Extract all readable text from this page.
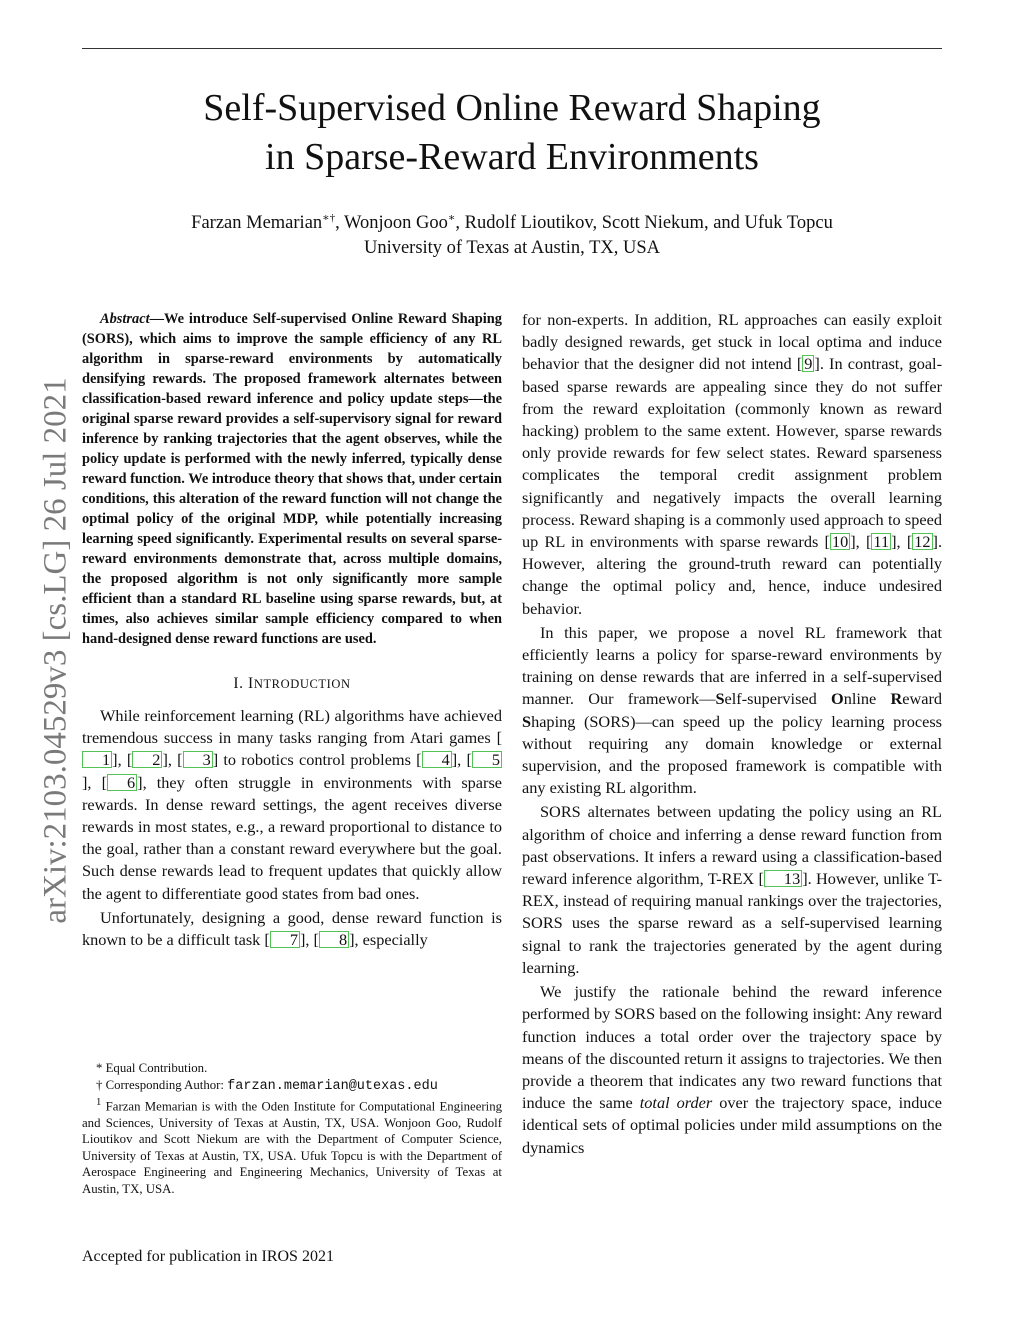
Self-Supervised Online Reward Shaping
in Sparse-Reward Environments
Farzan Memarian∗†, Wonjoon Goo∗, Rudolf Lioutikov, Scott Niekum, and Ufuk Topcu
University of Texas at Austin, TX, USA
arXiv:2103.04529v3 [cs.LG] 26 Jul 2021

Abstract—We introduce Self-supervised Online Reward Shaping (SORS), which aims to improve the sample efficiency of any RL algorithm in sparse-reward environments by automatically densifying rewards. The proposed framework alternates between classification-based reward inference and policy update steps—the original sparse reward provides a self-supervisory signal for reward inference by ranking trajectories that the agent observes, while the policy update is performed with the newly inferred, typically dense reward function. We introduce theory that shows that, under certain conditions, this alteration of the reward function will not change the optimal policy of the original MDP, while potentially increasing learning speed significantly. Experimental results on several sparse-reward environments demonstrate that, across multiple domains, the proposed algorithm is not only significantly more sample efficient than a standard RL baseline using sparse rewards, but, at times, also achieves similar sample efficiency compared to when hand-designed dense reward functions are used.

I. INTRODUCTION

While reinforcement learning (RL) algorithms have achieved tremendous success in many tasks ranging from Atari games [1 ], [ 2 ], [ 3 ] to robotics control problems [ 4 ], [ 5], [ 6 ], they often struggle in environments with sparse rewards. In dense reward settings, the agent receives diverse rewards in most states, e.g., a reward proportional to distance to the goal, rather than a constant reward everywhere but the goal. Such dense rewards lead to frequent updates that quickly allow the agent to differentiate good states from bad ones.

Unfortunately, designing a good, dense reward function is known to be a difficult task [ 7 ], [ 8 ], especially

* Equal Contribution.

† Corresponding Author: farzan.memarian@utexas.edu

$^1$ Farzan Memarian is with the Oden Institute for Computational Engineering and Sciences, University of Texas at Austin, TX, USA. Wonjoon Goo, Rudolf Lioutikov and Scott Niekum are with the Department of Computer Science, University of Texas at Austin, TX, USA. Ufuk Topcu is with the Department of Aerospace Engineering and Engineering Mechanics, University of Texas at Austin, TX, USA.

for non-experts. In addition, RL approaches can easily exploit badly designed rewards, get stuck in local optima and induce behavior that the designer did not intend [ 9 ]. In contrast, goal-based sparse rewards are appealing since they do not suffer from the reward exploitation (commonly known as reward hacking) problem to the same extent. However, sparse rewards only provide rewards for few select states. Reward sparseness complicates the temporal credit assignment problem significantly and negatively impacts the overall learning process. Reward shaping is a commonly used approach to speed up RL in environments with sparse rewards [ 10 ], [ 11 ], [ 12 ]. However, altering the ground-truth reward can potentially change the optimal policy and, hence, induce undesired behavior.

In this paper, we propose a novel RL framework that efficiently learns a policy for sparse-reward environments by training on dense rewards that are inferred in a self-supervised manner. Our framework—Self-supervised Online Reward Shaping (SORS)—can speed up the policy learning process without requiring any domain knowledge or external supervision, and the proposed framework is compatible with any existing RL algorithm.

SORS alternates between updating the policy using an RL algorithm of choice and inferring a dense reward function from past observations. It infers a reward using a classification-based reward inference algorithm, T-REX [ 13 ]. However, unlike T-REX, instead of requiring manual rankings over the trajectories, SORS uses the sparse reward as a self-supervised learning signal to rank the trajectories generated by the agent during learning.

We justify the rationale behind the reward inference performed by SORS based on the following insight: Any reward function induces a total order over the trajectory space by means of the discounted return it assigns to trajectories. We then provide a theorem that indicates any two reward functions that induce the same total order over the trajectory space, induce identical sets of optimal policies under mild assumptions on the dynamics

Accepted for publication in IROS 2021
